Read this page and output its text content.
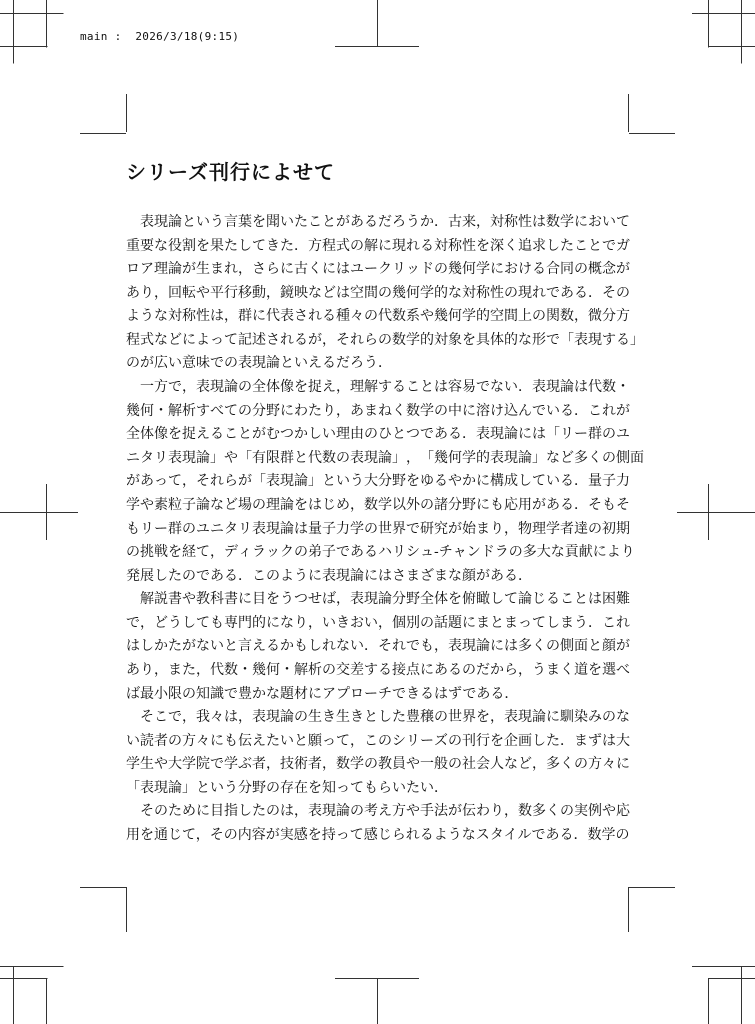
main :  2026/3/18(9:15)
シリーズ刊行によせて
表 現 論 と い う 言 葉 を 聞 い た こ と が あ る だ ろ う か ． 古 来 ， 対 称 性 は 数 学 に お い て
重 要 な 役 割 を 果 た し て き た ． 方 程 式 の 解 に 現 れ る 対 称 性 を 深 く 追 求 し た こ と で ガ
ロ ア 理 論 が 生 ま れ ， さ ら に 古 く に は ユ ー ク リ ッ ド の 幾 何 学 に お け る 合 同 の 概 念 が
あ り ， 回 転 や 平 行 移 動 ， 鏡 映 な ど は 空 間 の 幾 何 学 的 な 対 称 性 の 現 れ で あ る ． そ の
よ う な 対 称 性 は ， 群 に 代 表 さ れ る 種 々 の 代 数 系 や 幾 何 学 的 空 間 上 の 関 数 ， 微 分 方
程 式 な ど に よ っ て 記 述 さ れ る が ， そ れ ら の 数 学 的 対 象 を 具 体 的 な 形 で 「 表 現 す る 」
のが広い意味での表現論といえるだろう．
一 方 で ， 表 現 論 の 全 体 像 を 捉 え ， 理 解 す る こ と は 容 易 で な い ． 表 現 論 は 代 数 ・
幾 何 ・ 解 析 す べ て の 分 野 に わ た り ， あ ま ね く 数 学 の 中 に 溶 け 込 ん で い る ． こ れ が
全 体 像 を 捉 え る こ と が む つ か し い 理 由 の ひ と つ で あ る ． 表 現 論 に は 「 リ ー 群 の ユ
ニ タ リ 表 現 論 」 や 「 有 限 群 と 代 数 の 表 現 論 」 ， 「 幾 何 学 的 表 現 論 」 な ど 多 く の 側 面
が あ っ て ， そ れ ら が 「 表 現 論 」 と い う 大 分 野 を ゆ る や か に 構 成 し て い る ． 量 子 力
学 や 素 粒 子 論 な ど 場 の 理 論 を は じ め ， 数 学 以 外 の 諸 分 野 に も 応 用 が あ る ． そ も そ
も リ ー 群 の ユ ニ タ リ 表 現 論 は 量 子 力 学 の 世 界 で 研 究 が 始 ま り ， 物 理 学 者 達 の 初 期
の 挑 戦 を 経 て ， デ ィ ラ ッ ク の 弟 子 で あ る ハ リ シ ュ - チ ャ ン ド ラ の 多 大 な 貢 献 に よ り
発展したのである．このように表現論にはさまざまな顔がある．
解 説 書 や 教 科 書 に 目 を う つ せ ば ， 表 現 論 分 野 全 体 を 俯 瞰 し て 論 じ る こ と は 困 難
で ， ど う し て も 専 門 的 に な り ， い き お い ， 個 別 の 話 題 に ま と ま っ て し ま う ． こ れ
は し か た が な い と 言 え る か も し れ な い ． そ れ で も ， 表 現 論 に は 多 く の 側 面 と 顔 が
あ り ， ま た ， 代 数 ・ 幾 何 ・ 解 析 の 交 差 す る 接 点 に あ る の だ か ら ， う ま く 道 を 選 べ
ば最小限の知識で豊かな題材にアプローチできるはずである．
そ こ で ， 我 々 は ， 表 現 論 の 生 き 生 き と し た 豊 穣 の 世 界 を ， 表 現 論 に 馴 染 み の な
い 読 者 の 方 々 に も 伝 え た い と 願 っ て ， こ の シ リ ー ズ の 刊 行 を 企 画 し た ． ま ず は 大
学 生 や 大 学 院 で 学 ぶ 者 ， 技 術 者 ， 数 学 の 教 員 や 一 般 の 社 会 人 な ど ， 多 く の 方 々 に
「表現論」という分野の存在を知ってもらいたい．
そ の た め に 目 指 し た の は ， 表 現 論 の 考 え 方 や 手 法 が 伝 わ り ， 数 多 く の 実 例 や 応
用を通じて，その内容が実感を持って感じられるようなスタイルである．数学の
